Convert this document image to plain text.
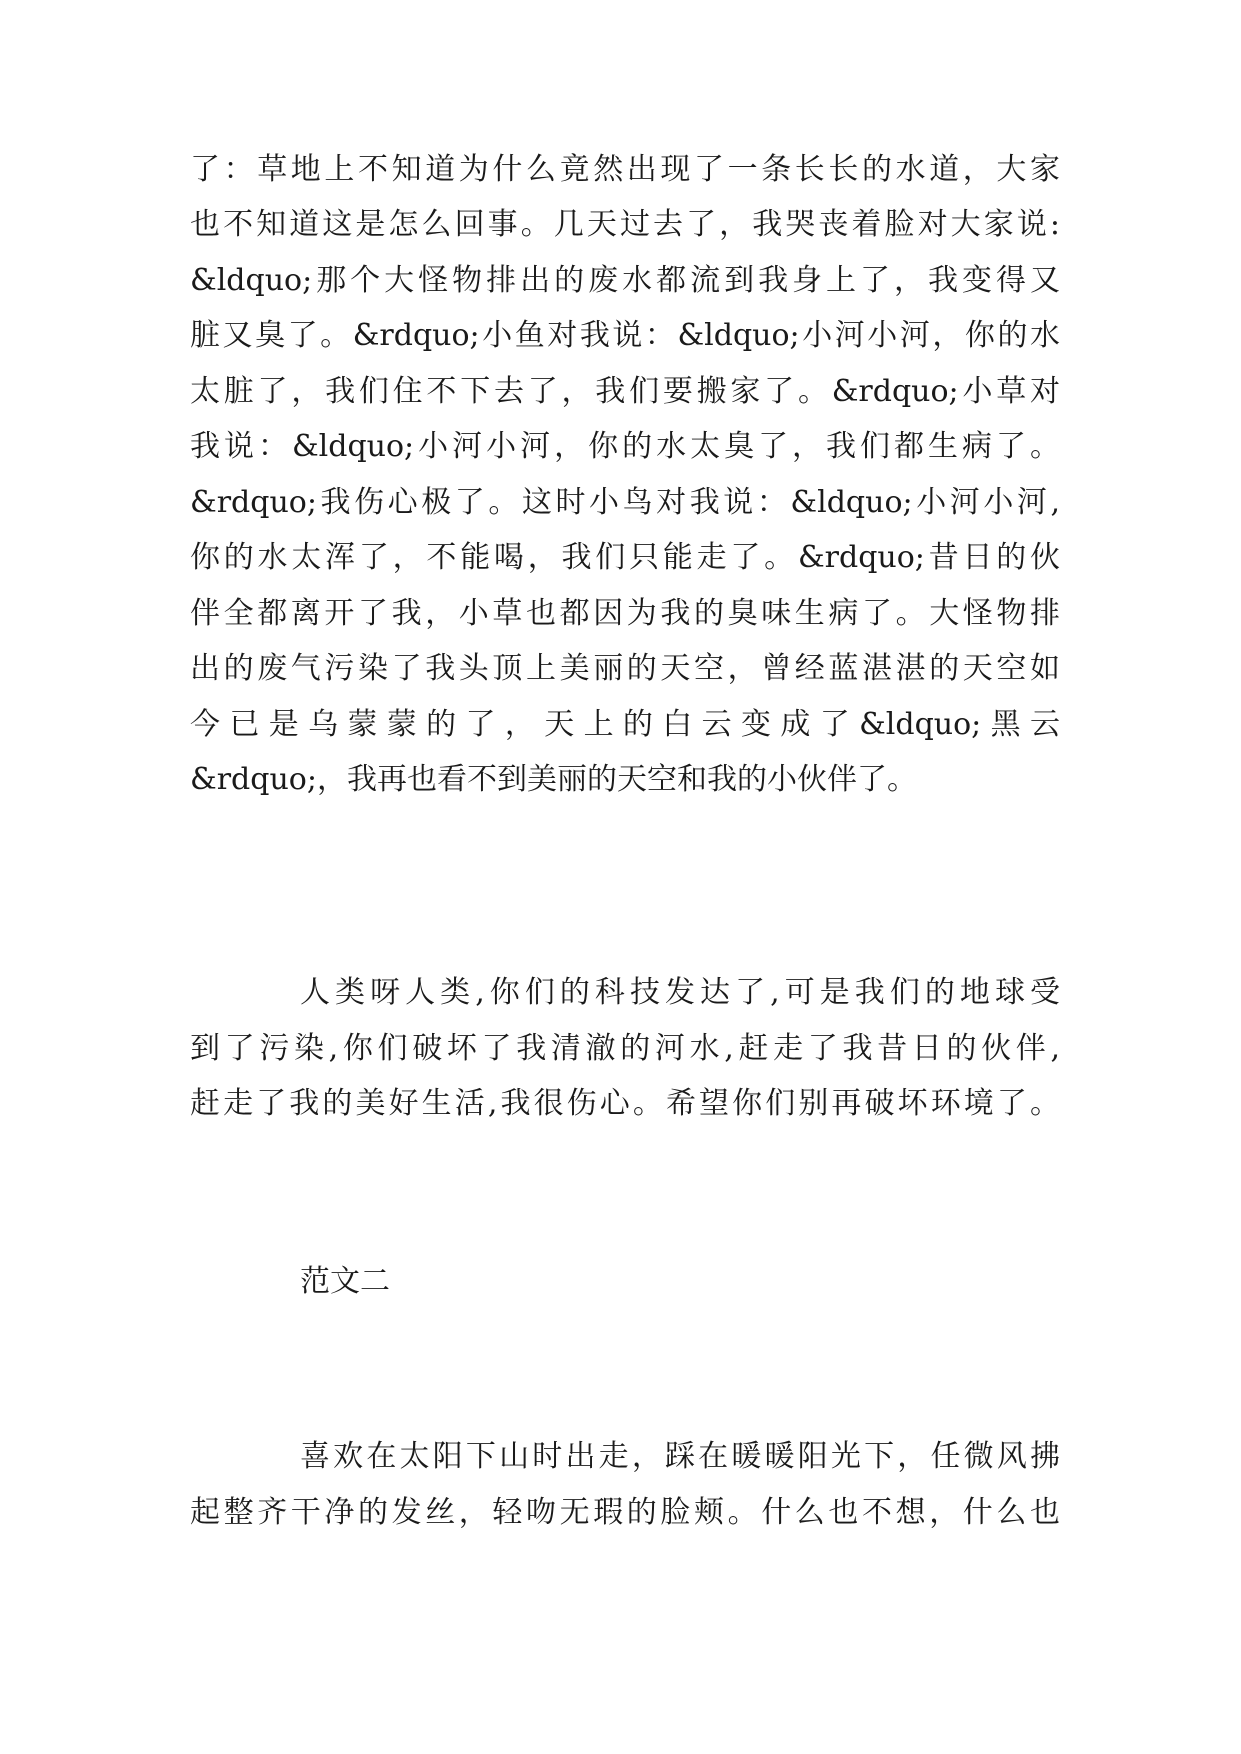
了：草地上不知道为什么竟然出现了一条长长的水道，大家
也不知道这是怎么回事。几天过去了，我哭丧着脸对大家说:
&ldquo;那个大怪物排出的废水都流到我身上了，我变得又
脏又臭了。&rdquo;小鱼对我说：&ldquo;小河小河，你的水
太脏了，我们住不下去了，我们要搬家了。&rdquo;小草对
我说：&ldquo;小河小河，你的水太臭了，我们都生病了。
&rdquo;我伤心极了。这时小鸟对我说：&ldquo;小河小河,
你的水太浑了，不能喝，我们只能走了。&rdquo;昔日的伙
伴全都离开了我，小草也都因为我的臭味生病了。大怪物排
出的废气污染了我头顶上美丽的天空，曾经蓝湛湛的天空如
今已是乌蒙蒙的了，天上的白云变成了&ldquo;黑云
&rdquo;，我再也看不到美丽的天空和我的小伙伴了。
人类呀人类,你们的科技发达了,可是我们的地球受
到了污染,你们破坏了我清澈的河水,赶走了我昔日的伙伴,
赶走了我的美好生活,我很伤心。希望你们别再破坏环境了。
范文二
喜欢在太阳下山时出走，踩在暖暖阳光下，任微风拂
起整齐干净的发丝，轻吻无瑕的脸颊。什么也不想，什么也
